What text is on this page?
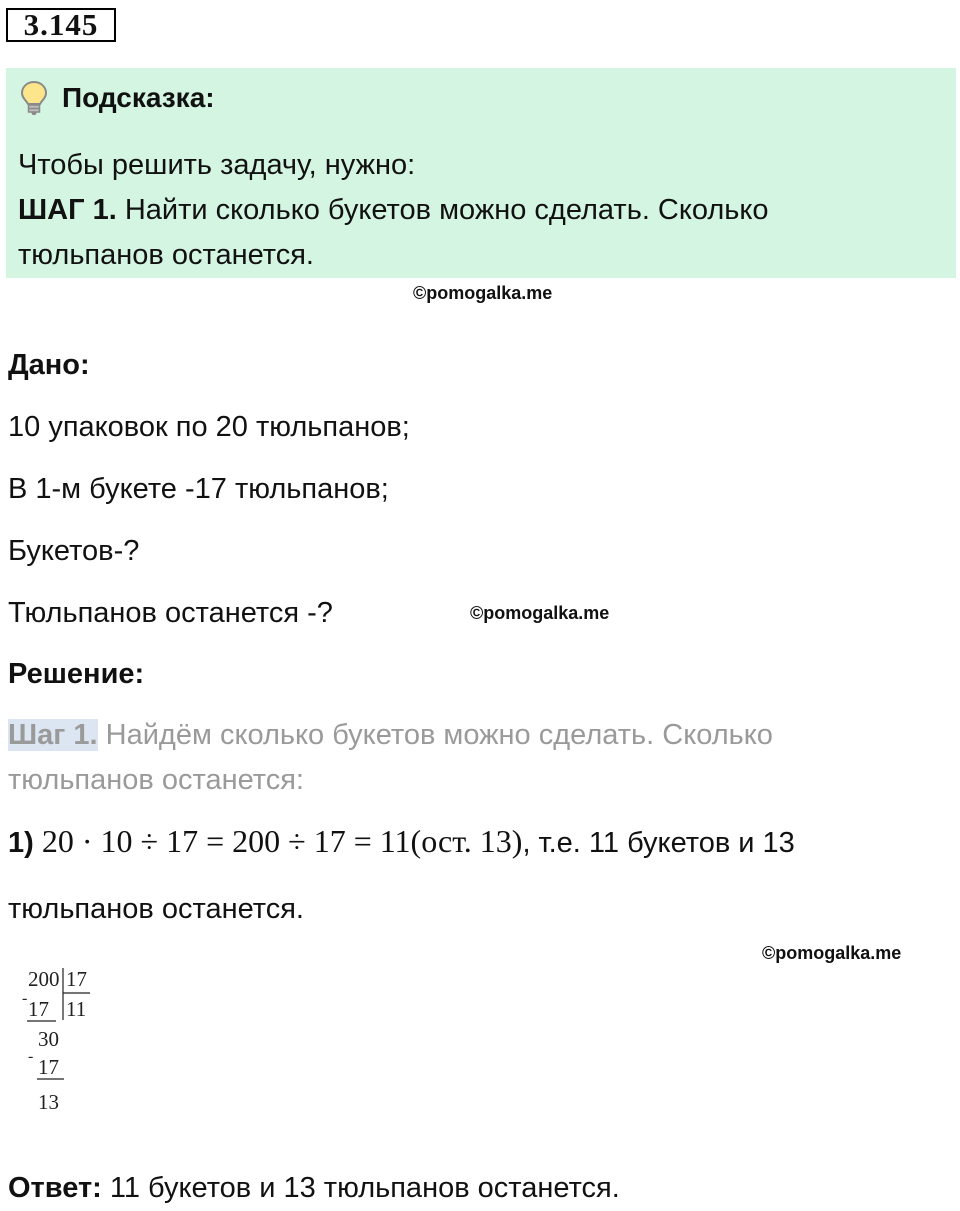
3.145
Подсказка:
Чтобы решить задачу, нужно:
ШАГ 1. Найти сколько букетов можно сделать. Сколько
тюльпанов останется.
©pomogalka.me
Дано:
10 упаковок по 20 тюльпанов;
В 1-м букете -17 тюльпанов;
Букетов-?
Тюльпанов останется -?	©pomogalka.me
Решение:
Шаг 1. Найдём сколько букетов можно сделать. Сколько
тюльпанов останется:
1) 20 · 10 ÷ 17 = 200 ÷ 17 = 11(ост. 13), т.е. 11 букетов и 13
тюльпанов останется.
©pomogalka.me
200 17
11
- 17
30
- 17
13
Ответ: 11 букетов и 13 тюльпанов останется.
